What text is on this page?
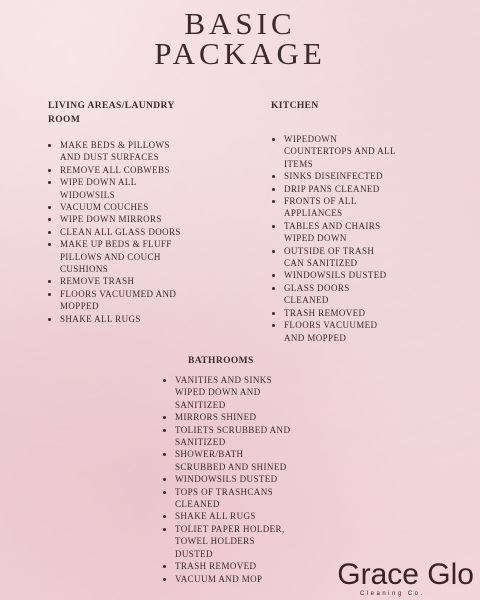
BASIC
PACKAGE
LIVING AREAS/LAUNDRY ROOM
MAKE BEDS & PILLOWS AND DUST SURFACES
REMOVE ALL COBWEBS
WIPE DOWN ALL WIDOWSILS
VACUUM COUCHES
WIPE DOWN MIRRORS
CLEAN ALL GLASS DOORS
MAKE UP BEDS & FLUFF PILLOWS AND COUCH CUSHIONS
REMOVE TRASH
FLOORS VACUUMED AND MOPPED
SHAKE ALL RUGS
KITCHEN
WIPEDOWN COUNTERTOPS AND ALL ITEMS
SINKS DISEINFECTED
DRIP PANS CLEANED
FRONTS OF ALL APPLIANCES
TABLES AND CHAIRS WIPED DOWN
OUTSIDE OF TRASH CAN SANITIZED
WINDOWSILS DUSTED
GLASS DOORS CLEANED
TRASH REMOVED
FLOORS VACUUMED AND MOPPED
BATHROOMS
VANITIES AND SINKS WIPED DOWN AND SANITIZED
MIRRORS SHINED
TOLIETS SCRUBBED AND SANITIZED
SHOWER/BATH SCRUBBED AND SHINED
WINDOWSILS DUSTED
TOPS OF TRASHCANS CLEANED
SHAKE ALL RUGS
TOLIET PAPER HOLDER, TOWEL HOLDERS DUSTED
TRASH REMOVED
VACUUM AND MOP	Grace Glo
Cleaning Co.
